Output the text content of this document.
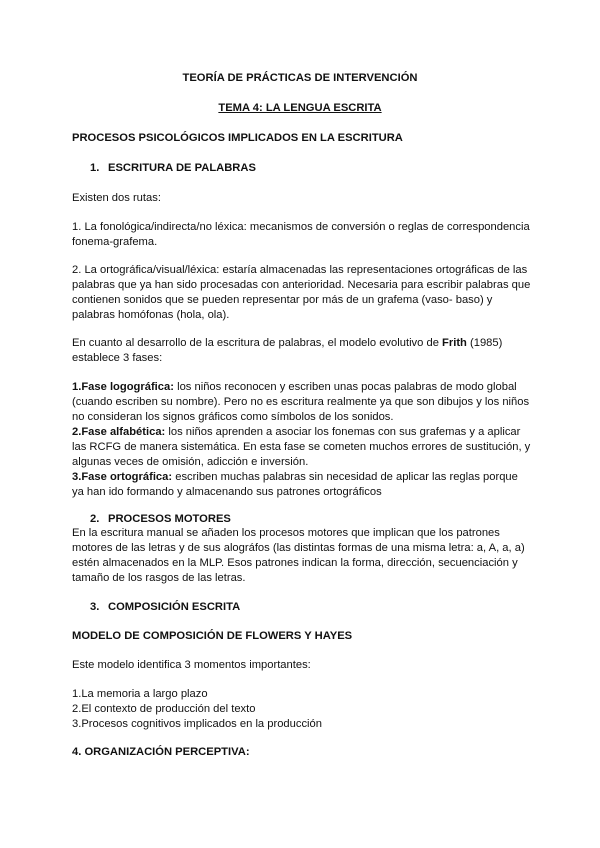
TEORÍA DE PRÁCTICAS DE INTERVENCIÓN
TEMA 4: LA LENGUA ESCRITA
PROCESOS PSICOLÓGICOS IMPLICADOS EN LA ESCRITURA
1. ESCRITURA DE PALABRAS
Existen dos rutas:
1. La fonológica/indirecta/no léxica: mecanismos de conversión o reglas de correspondencia fonema-grafema.
2. La ortográfica/visual/léxica: estaría almacenadas las representaciones ortográficas de las palabras que ya han sido procesadas con anterioridad. Necesaria para escribir palabras que contienen sonidos que se pueden representar por más de un grafema (vaso- baso) y palabras homófonas (hola, ola).
En cuanto al desarrollo de la escritura de palabras, el modelo evolutivo de Frith (1985) establece 3 fases:
1.Fase logográfica: los niños reconocen y escriben unas pocas palabras de modo global (cuando escriben su nombre). Pero no es escritura realmente ya que son dibujos y los niños no consideran los signos gráficos como símbolos de los sonidos.
2.Fase alfabética: los niños aprenden a asociar los fonemas con sus grafemas y a aplicar las RCFG de manera sistemática. En esta fase se cometen muchos errores de sustitución, y algunas veces de omisión, adicción e inversión.
3.Fase ortográfica: escriben muchas palabras sin necesidad de aplicar las reglas porque ya han ido formando y almacenando sus patrones ortográficos
2. PROCESOS MOTORES
En la escritura manual se añaden los procesos motores que implican que los patrones motores de las letras y de sus alográfos (las distintas formas de una misma letra: a, A, a, a) estén almacenados en la MLP. Esos patrones indican la forma, dirección, secuenciación y tamaño de los rasgos de las letras.
3. COMPOSICIÓN ESCRITA
MODELO DE COMPOSICIÓN DE FLOWERS Y HAYES
Este modelo identifica 3 momentos importantes:
1.La memoria a largo plazo
2.El contexto de producción del texto
3.Procesos cognitivos implicados en la producción
4. ORGANIZACIÓN PERCEPTIVA:
